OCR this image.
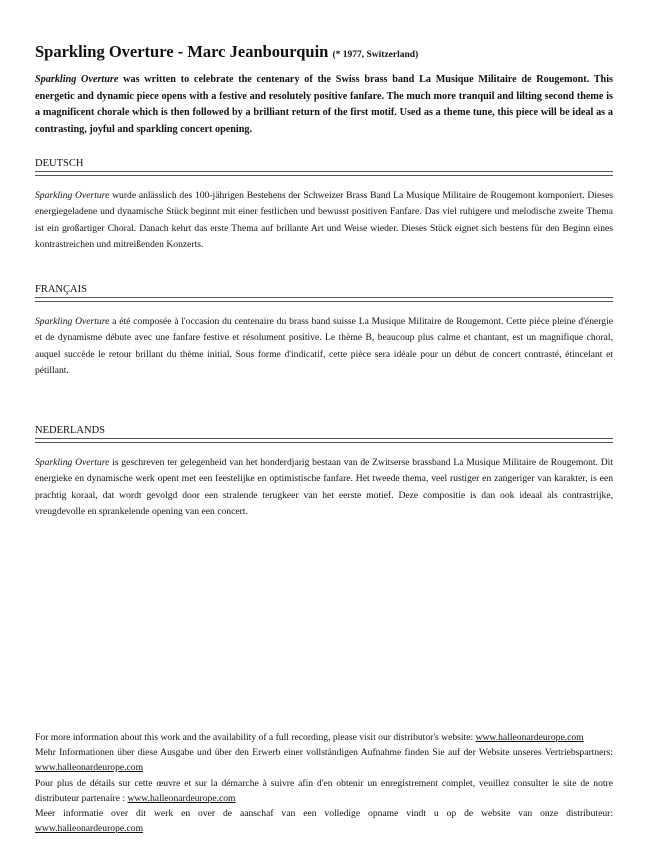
Sparkling Overture - Marc Jeanbourquin (* 1977, Switzerland)
Sparkling Overture was written to celebrate the centenary of the Swiss brass band La Musique Militaire de Rougemont. This energetic and dynamic piece opens with a festive and resolutely positive fanfare. The much more tranquil and lilting second theme is a magnificent chorale which is then followed by a brilliant return of the first motif. Used as a theme tune, this piece will be ideal as a contrasting, joyful and sparkling concert opening.
DEUTSCH
Sparkling Overture wurde anlässlich des 100-jährigen Bestehens der Schweizer Brass Band La Musique Militaire de Rougemont komponiert. Dieses energiegeladene und dynamische Stück beginnt mit einer festlichen und bewusst positiven Fanfare. Das viel ruhigere und melodische zweite Thema ist ein großartiger Choral. Danach kehrt das erste Thema auf brillante Art und Weise wieder. Dieses Stück eignet sich bestens für den Beginn eines kontrastreichen und mitreißenden Konzerts.
FRANÇAIS
Sparkling Overture a été composée à l'occasion du centenaire du brass band suisse La Musique Militaire de Rougemont. Cette pièce pleine d'énergie et de dynamisme débute avec une fanfare festive et résolument positive. Le thème B, beaucoup plus calme et chantant, est un magnifique choral, auquel succède le retour brillant du thème initial. Sous forme d'indicatif, cette pièce sera idéale pour un début de concert contrasté, étincelant et pétillant.
NEDERLANDS
Sparkling Overture is geschreven ter gelegenheid van het honderdjarig bestaan van de Zwitserse brassband La Musique Militaire de Rougemont. Dit energieke en dynamische werk opent met een feestelijke en optimistische fanfare. Het tweede thema, veel rustiger en zangeriger van karakter, is een prachtig koraal, dat wordt gevolgd door een stralende terugkeer van het eerste motief. Deze compositie is dan ook ideaal als contrastrijke, vreugdevolle en sprankelende opening van een concert.

For more information about this work and the availability of a full recording, please visit our distributor's website: www.halleonardeurope.com

Mehr Informationen über diese Ausgabe und über den Erwerb einer vollständigen Aufnahme finden Sie auf der Website unseres Vertriebspartners: www.halleonardeurope.com

Pour plus de détails sur cette œuvre et sur la démarche à suivre afin d'en obtenir un enregistrement complet, veuillez consulter le site de notre distributeur partenaire : www.halleonardeurope.com

Meer informatie over dit werk en over de aanschaf van een volledige opname vindt u op de website van onze distributeur: www.halleonardeurope.com
